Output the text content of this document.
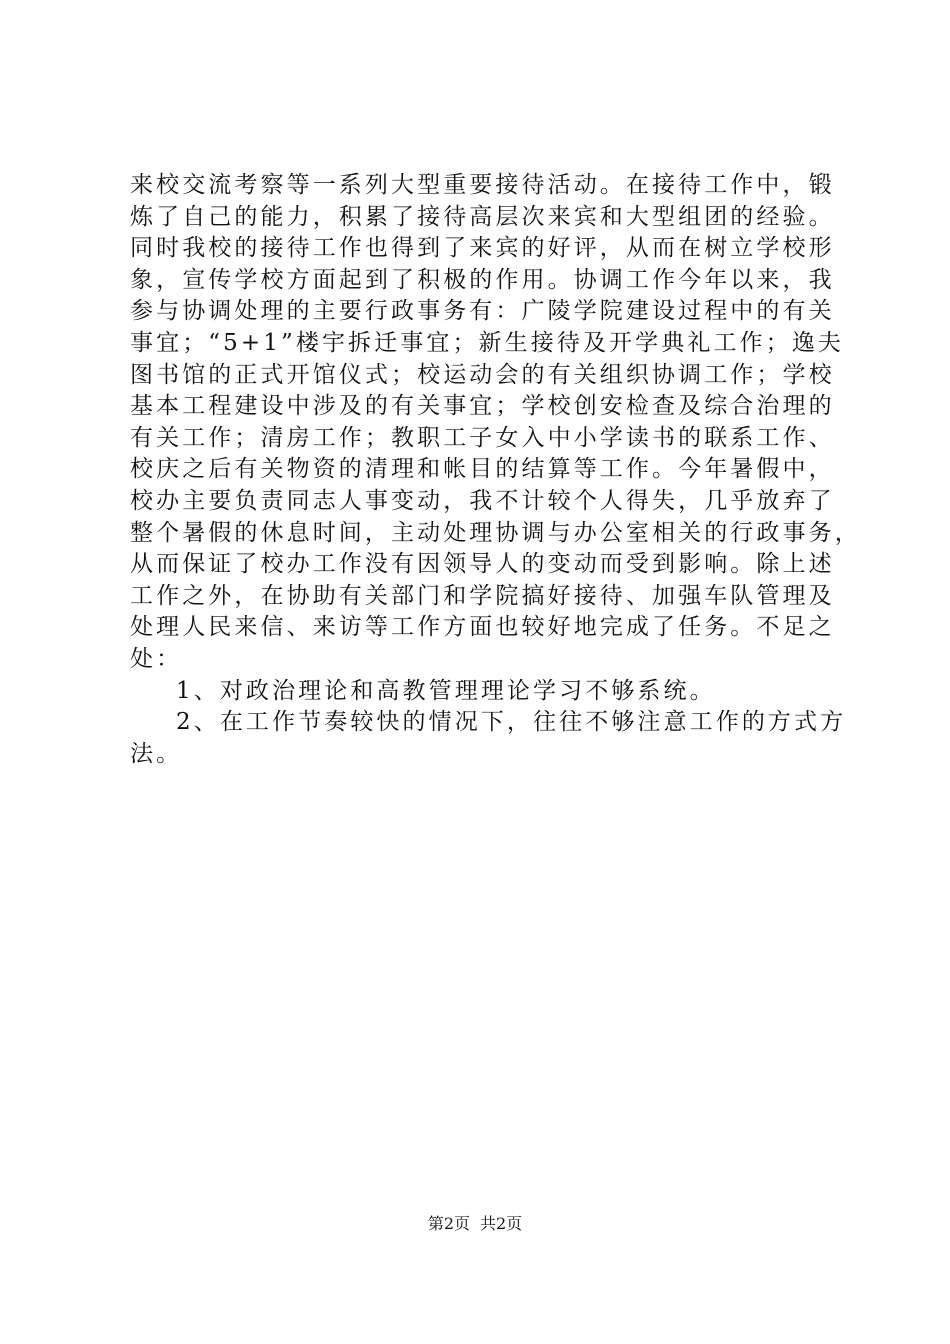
来校交流考察等一系列大型重要接待活动。在接待工作中，锻
炼了自己的能力，积累了接待高层次来宾和大型组团的经验。
同时我校的接待工作也得到了来宾的好评，从而在树立学校形
象，宣传学校方面起到了积极的作用。协调工作今年以来，我
参与协调处理的主要行政事务有：广陵学院建设过程中的有关
事宜；“5+1”楼宇拆迁事宜；新生接待及开学典礼工作；逸夫
图书馆的正式开馆仪式；校运动会的有关组织协调工作；学校
基本工程建设中涉及的有关事宜；学校创安检查及综合治理的
有关工作；清房工作；教职工子女入中小学读书的联系工作、
校庆之后有关物资的清理和帐目的结算等工作。今年暑假中，
校办主要负责同志人事变动，我不计较个人得失，几乎放弃了
整个暑假的休息时间，主动处理协调与办公室相关的行政事务，
从而保证了校办工作没有因领导人的变动而受到影响。除上述
工作之外，在协助有关部门和学院搞好接待、加强车队管理及
处理人民来信、来访等工作方面也较好地完成了任务。不足之
处：
1、对政治理论和高教管理理论学习不够系统。
2、在工作节奏较快的情况下，往往不够注意工作的方式方
法。
第2页 共2页
